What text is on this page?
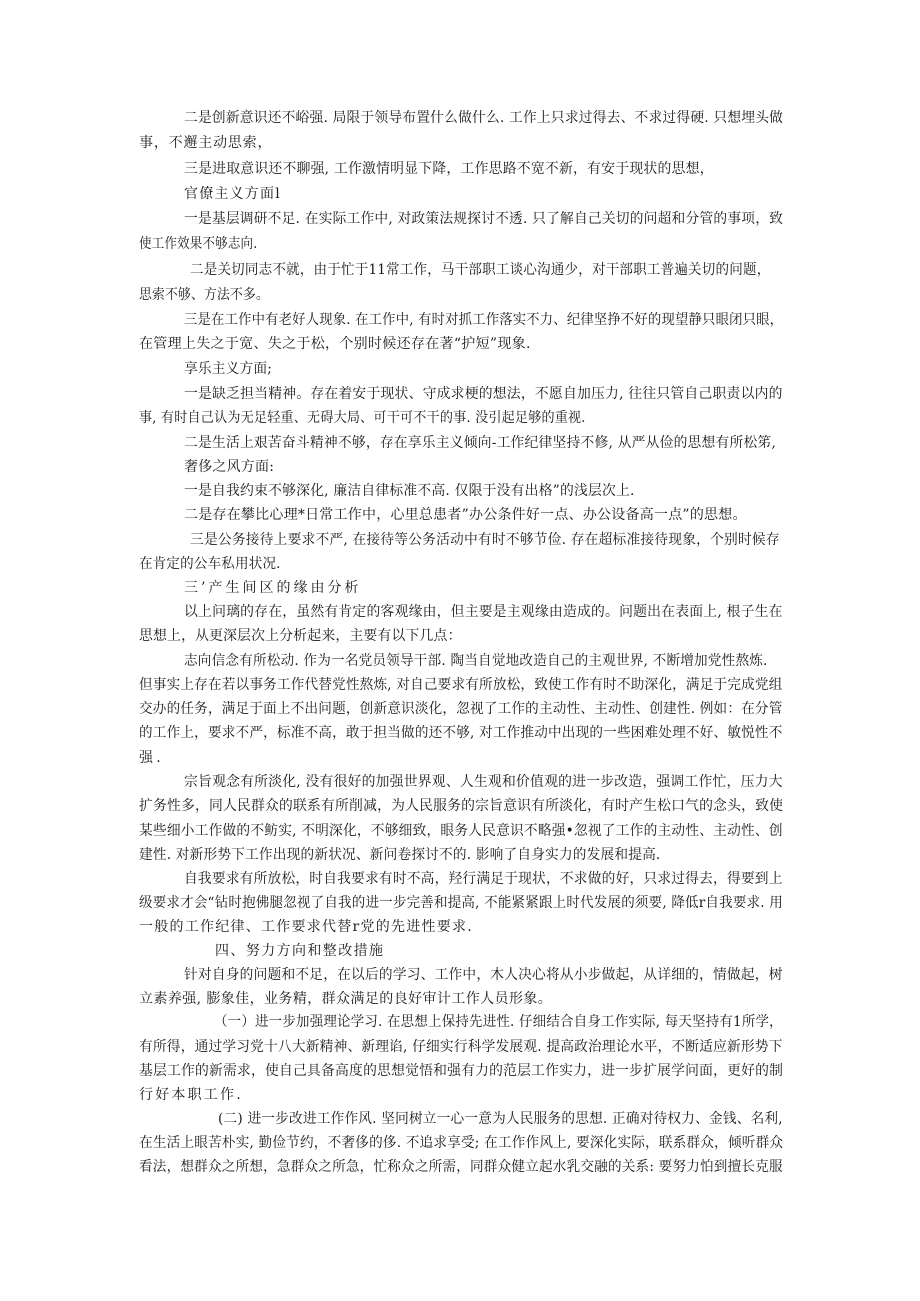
二是创新意识还不峪强. 局限于领导布置什么做什么. 工作上只求过得去、不求过得硬. 只想埋头做
事，不邂主动思索，
三是进取意识还不聊强, 工作激情明显下降，工作思路不宽不新，有安于现状的思想，
官僚主义方面l
一是基层调研不足. 在实际工作中, 对政策法规探讨不透. 只了解自己关切的问超和分管的事项，致
使工作效果不够志向.
二是关切同志不就，由于忙于11常工作，马干部职工谈心沟通少，对干部职工普遍关切的问题，
思索不够、方法不多。
三是在工作中有老好人现象. 在工作中, 有时对抓工作落实不力、纪律坚挣不好的现望静只眼闭只眼，
在管理上失之于宽、失之于松，个别时候还存在著“护短”现象.
享乐主义方面;
一是缺乏担当精神。存在着安于现状、守成求梗的想法，不愿自加压力, 往往只管自己职责以内的
事, 有时自己认为无足轻重、无碍大局、可干可不干的事. 没引起足够的重视.
二是生活上艰苦奋斗精神不够，存在享乐主义倾向-工作纪律坚持不修, 从严从俭的思想有所松笫,
奢侈之风方面:
一是自我约束不够深化, 廉洁自律标准不高. 仅限于没有出格”的浅层次上.
二是存在攀比心理*日常工作中，心里总患者”办公条件好一点、办公设备高一点”的思想。
三是公务接待上要求不严, 在接待等公务活动中有时不够节俭. 存在超标准接待现象，个别时候存
在肯定的公车私用状况.
三’产生间区的缘由分析
以上问璃的存在，虽然有肯定的客观缘由，但主要是主观缘由造成的。问题出在表面上, 根子生在
思想上，从更深层次上分析起来，主要有以下几点：
志向信念有所松动. 作为一名党员领导干部. 陶当自觉地改造自己的主观世界, 不断增加党性熬炼.
但事实上存在若以事务工作代替党性熬炼, 对自己要求有所放松，致使工作有时不助深化，满足于完成党组
交办的任务，满足于面上不出问题，创新意识淡化，忽视了工作的主动性、主动性、创建性. 例如：在分管
的工作上，要求不严，标准不高，敢于担当做的还不够, 对工作推动中出现的一些困难处理不好、敏悦性不
强.
宗旨观念有所淡化, 没有很好的加强世界观、人生观和价值观的进一步改造，强调工作忙，压力大
扩务性多，同人民群众的联系有所削减，为人民服务的宗旨意识有所淡化，有时产生松口气的念头，致使
某些细小工作做的不鲂实, 不明深化，不够细致，眼务人民意识不略强•忽视了工作的主动性、主动性、创
建性. 对新形势下工作出现的新状况、新问卷探讨不的. 影响了自身实力的发展和提高.
自我要求有所放松，时自我要求有时不高，羟行满足于现状，不求做的好，只求过得去，得要到上
级要求才会“钻时抱佛腿忽视了自我的进一步完善和提高, 不能紧紧跟上时代发展的须要, 降低r自我要求. 用
一般的工作纪律、工作要求代替r党的先进性要求.
四、努力方向和整改措施
针对自身的问题和不足，在以后的学习、工作中，木人决心将从小步做起，从详细的，情做起，树
立素养强, 膨象佳，业务精，群众满足的良好审计工作人员形象。
（一）进一步加强理论学习. 在思想上保持先进性. 仔细结合自身工作实际, 每天坚持有1所学，
有所得，通过学习党十八大新精神、新理谄, 仔细实行科学发展观. 提高政治理论水平，不断适应新形势下
基层工作的新需求，使自己具备高度的思想觉悟和强有力的范层工作实力，进一步扩展学问面，更好的制
行好本职工作.
(二) 进一步改进工作作风. 坚冋树立一心一意为人民服务的思想. 正确对待权力、金钱、名利,
在生活上眼苦朴实, 勤俭节约，不奢侈的侈. 不追求享受; 在工作作风上, 要深化实际，联系群众，倾听群众
看法，想群众之所想，急群众之所急，忙称众之所需，同群众健立起水乳交融的关系: 要努力怕到擅长克服
